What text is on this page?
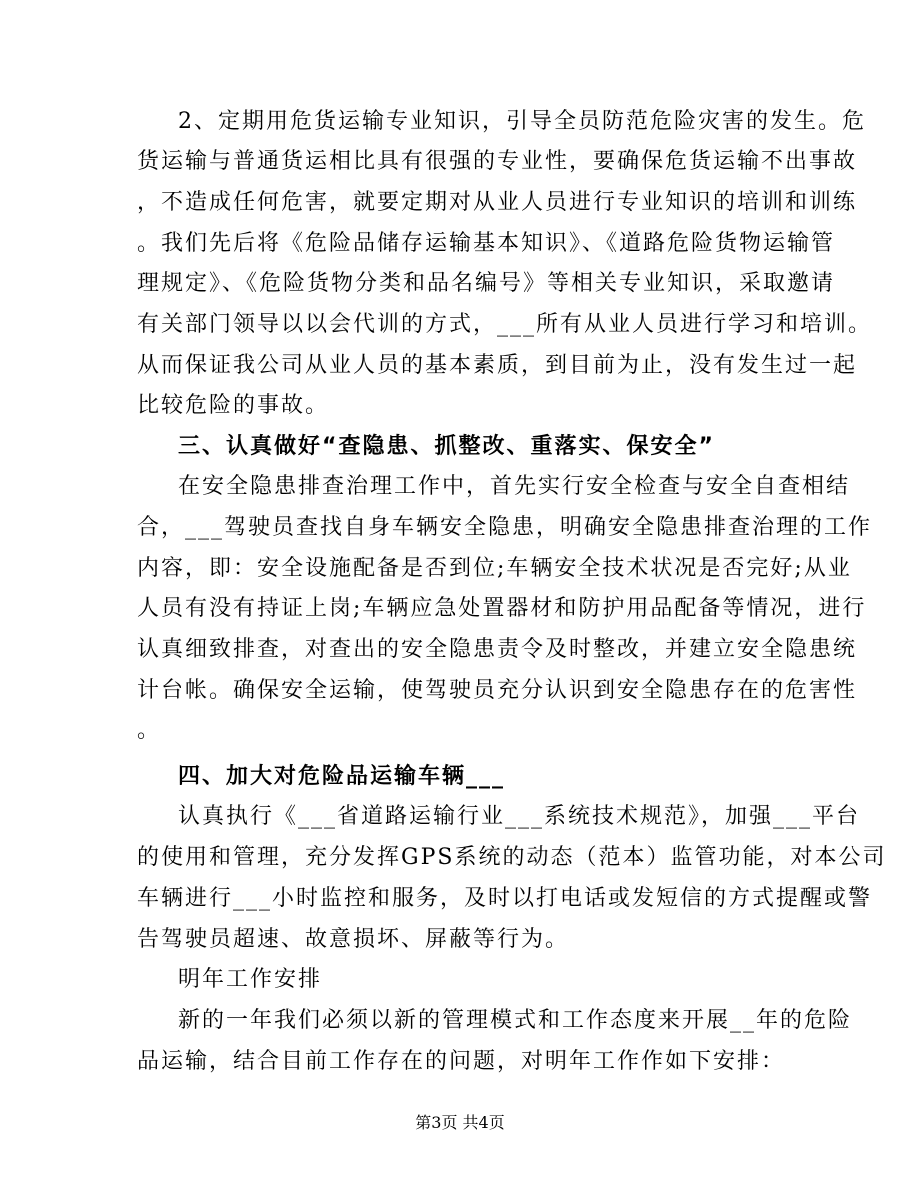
2、定期用危货运输专业知识，引导全员防范危险灾害的发生。危
货运输与普通货运相比具有很强的专业性，要确保危货运输不出事故
，不造成任何危害，就要定期对从业人员进行专业知识的培训和训练
。我们先后将《危险品储存运输基本知识》、《道路危险货物运输管
理规定》、《危险货物分类和品名编号》等相关专业知识，采取邀请
有关部门领导以以会代训的方式，___所有从业人员进行学习和培训。
从而保证我公司从业人员的基本素质，到目前为止，没有发生过一起
比较危险的事故。
三、认真做好“查隐患、抓整改、重落实、保安全”
在安全隐患排查治理工作中，首先实行安全检查与安全自查相结
合，___驾驶员查找自身车辆安全隐患，明确安全隐患排查治理的工作
内容，即：安全设施配备是否到位;车辆安全技术状况是否完好;从业
人员有没有持证上岗;车辆应急处置器材和防护用品配备等情况，进行
认真细致排查，对查出的安全隐患责令及时整改，并建立安全隐患统
计台帐。确保安全运输，使驾驶员充分认识到安全隐患存在的危害性
。
四、加大对危险品运输车辆___
认真执行《___省道路运输行业___系统技术规范》，加强___平台
的使用和管理，充分发挥GPS系统的动态（范本）监管功能，对本公司
车辆进行___小时监控和服务，及时以打电话或发短信的方式提醒或警
告驾驶员超速、故意损坏、屏蔽等行为。
明年工作安排
新的一年我们必须以新的管理模式和工作态度来开展__年的危险
品运输，结合目前工作存在的问题，对明年工作作如下安排：
第3页 共4页
